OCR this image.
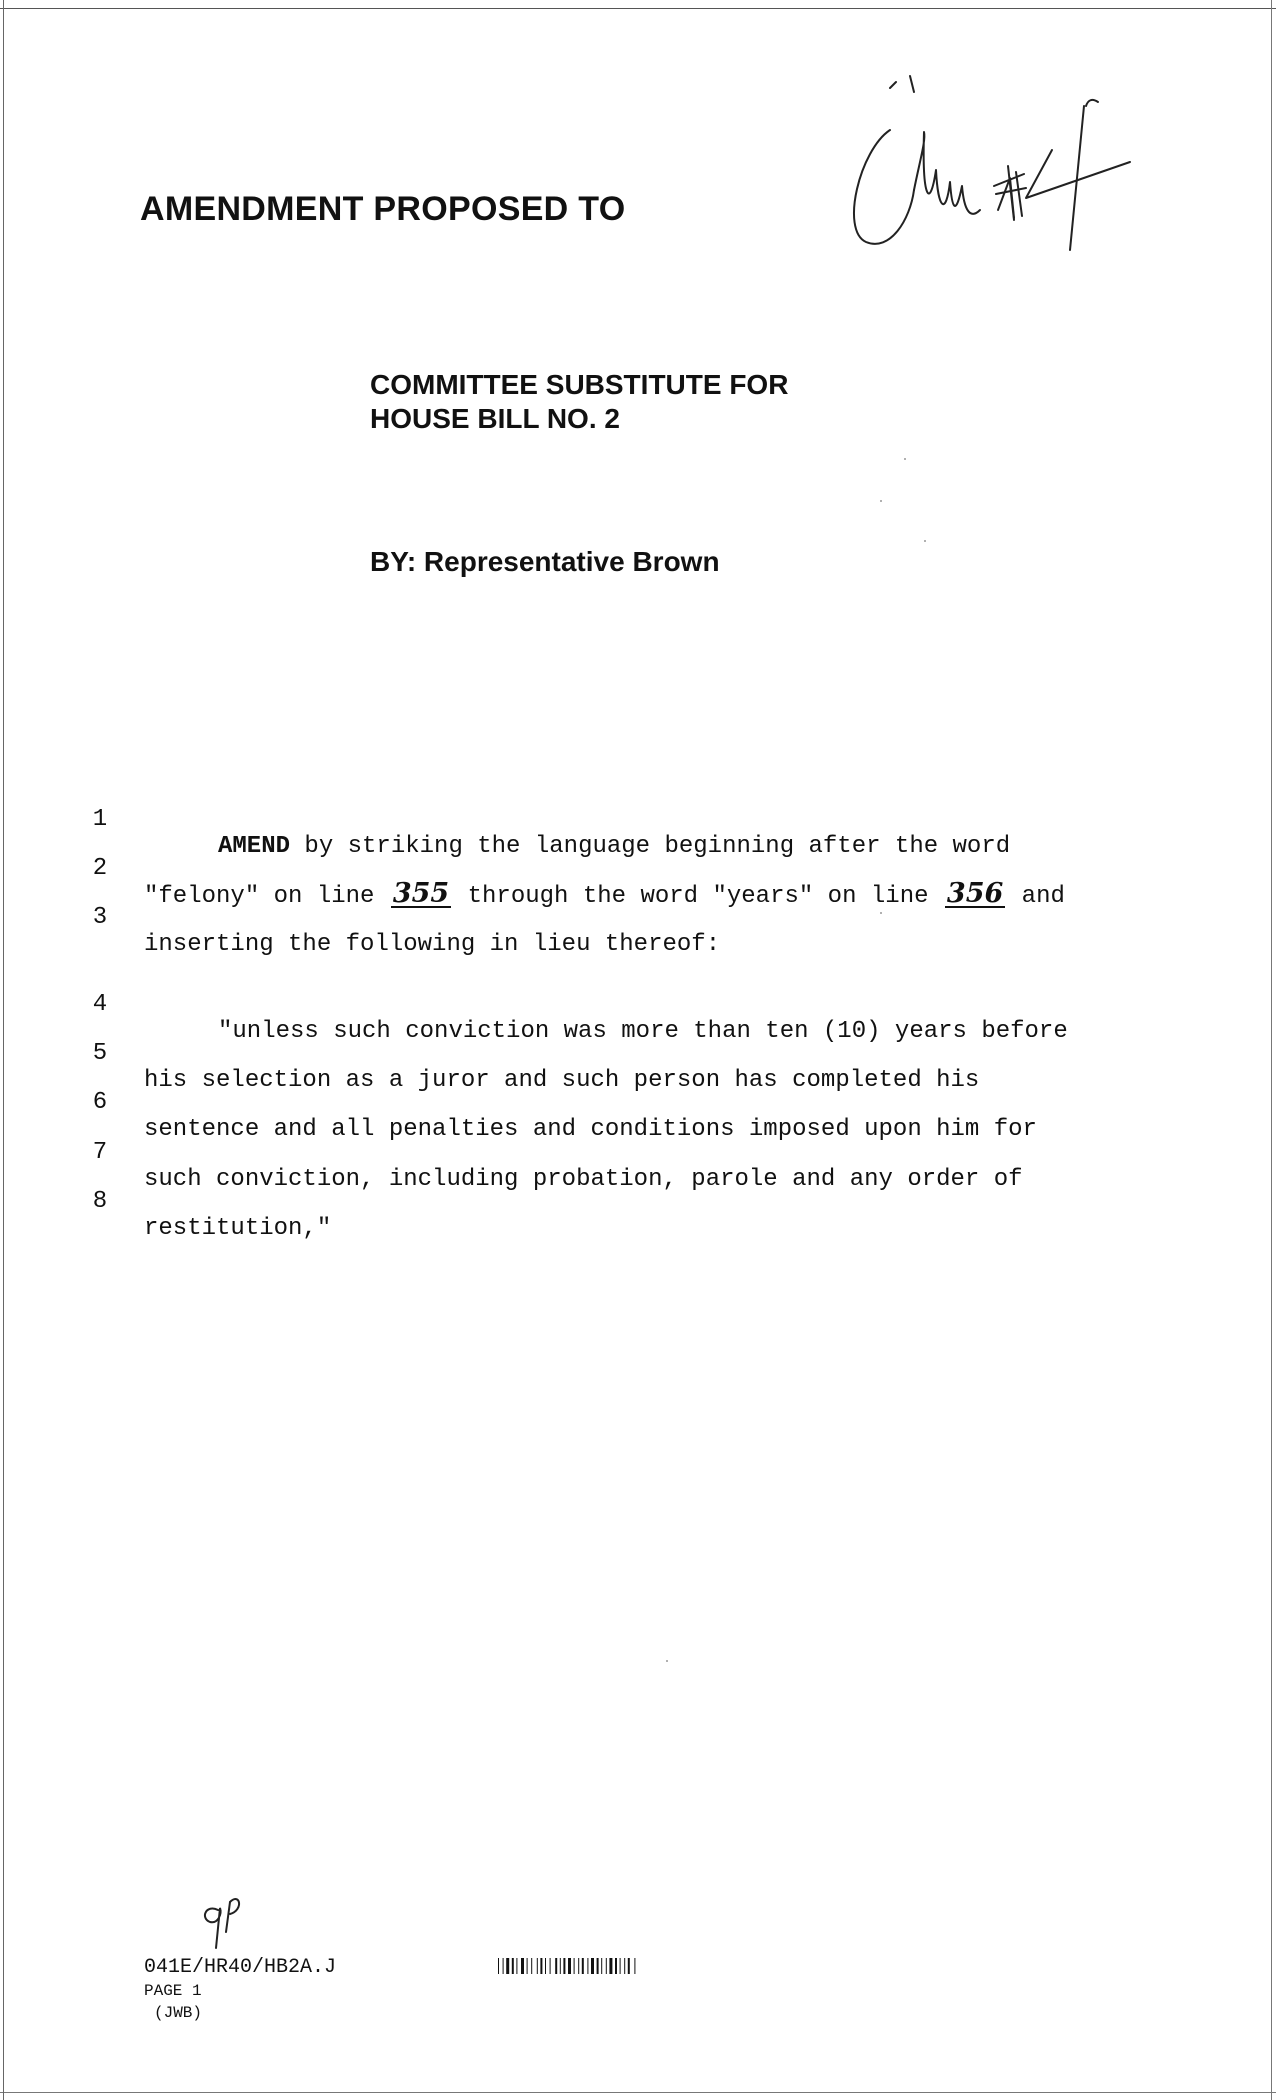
AMENDMENT PROPOSED TO
COMMITTEE SUBSTITUTE FOR
HOUSE BILL NO. 2
BY: Representative Brown

1

AMEND by striking the language beginning after the word

2

"felony" on line 355 through the word "years" on line 356 and

3

inserting the following in lieu thereof:

4

"unless such conviction was more than ten (10) years before

5

his selection as a juror and such person has completed his

6

sentence and all penalties and conditions imposed upon him for

7

such conviction, including probation, parole and any order of

8

restitution,"

041E/HR40/HB2A.J
PAGE 1
(JWB)
